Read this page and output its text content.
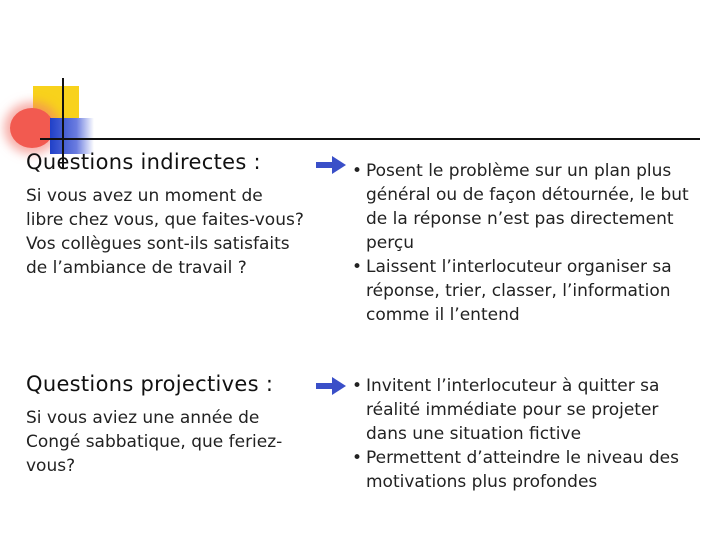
Questions indirectes :

Si vous avez un moment de
libre chez vous, que faites-vous?
Vos collègues sont-ils satisfaits
de l’ambiance de travail ?
• Posent le problème sur un plan plus
général ou de façon détournée, le but
de la réponse n’est pas directement
perçu
• Laissent l’interlocuteur organiser sa
réponse, trier, classer, l’information
comme il l’entend

Questions projectives :

Si vous aviez une année de
Congé sabbatique, que feriez-
vous?
• Invitent l’interlocuteur à quitter sa
réalité immédiate pour se projeter
dans une situation fictive
• Permettent d’atteindre le niveau des
motivations plus profondes
